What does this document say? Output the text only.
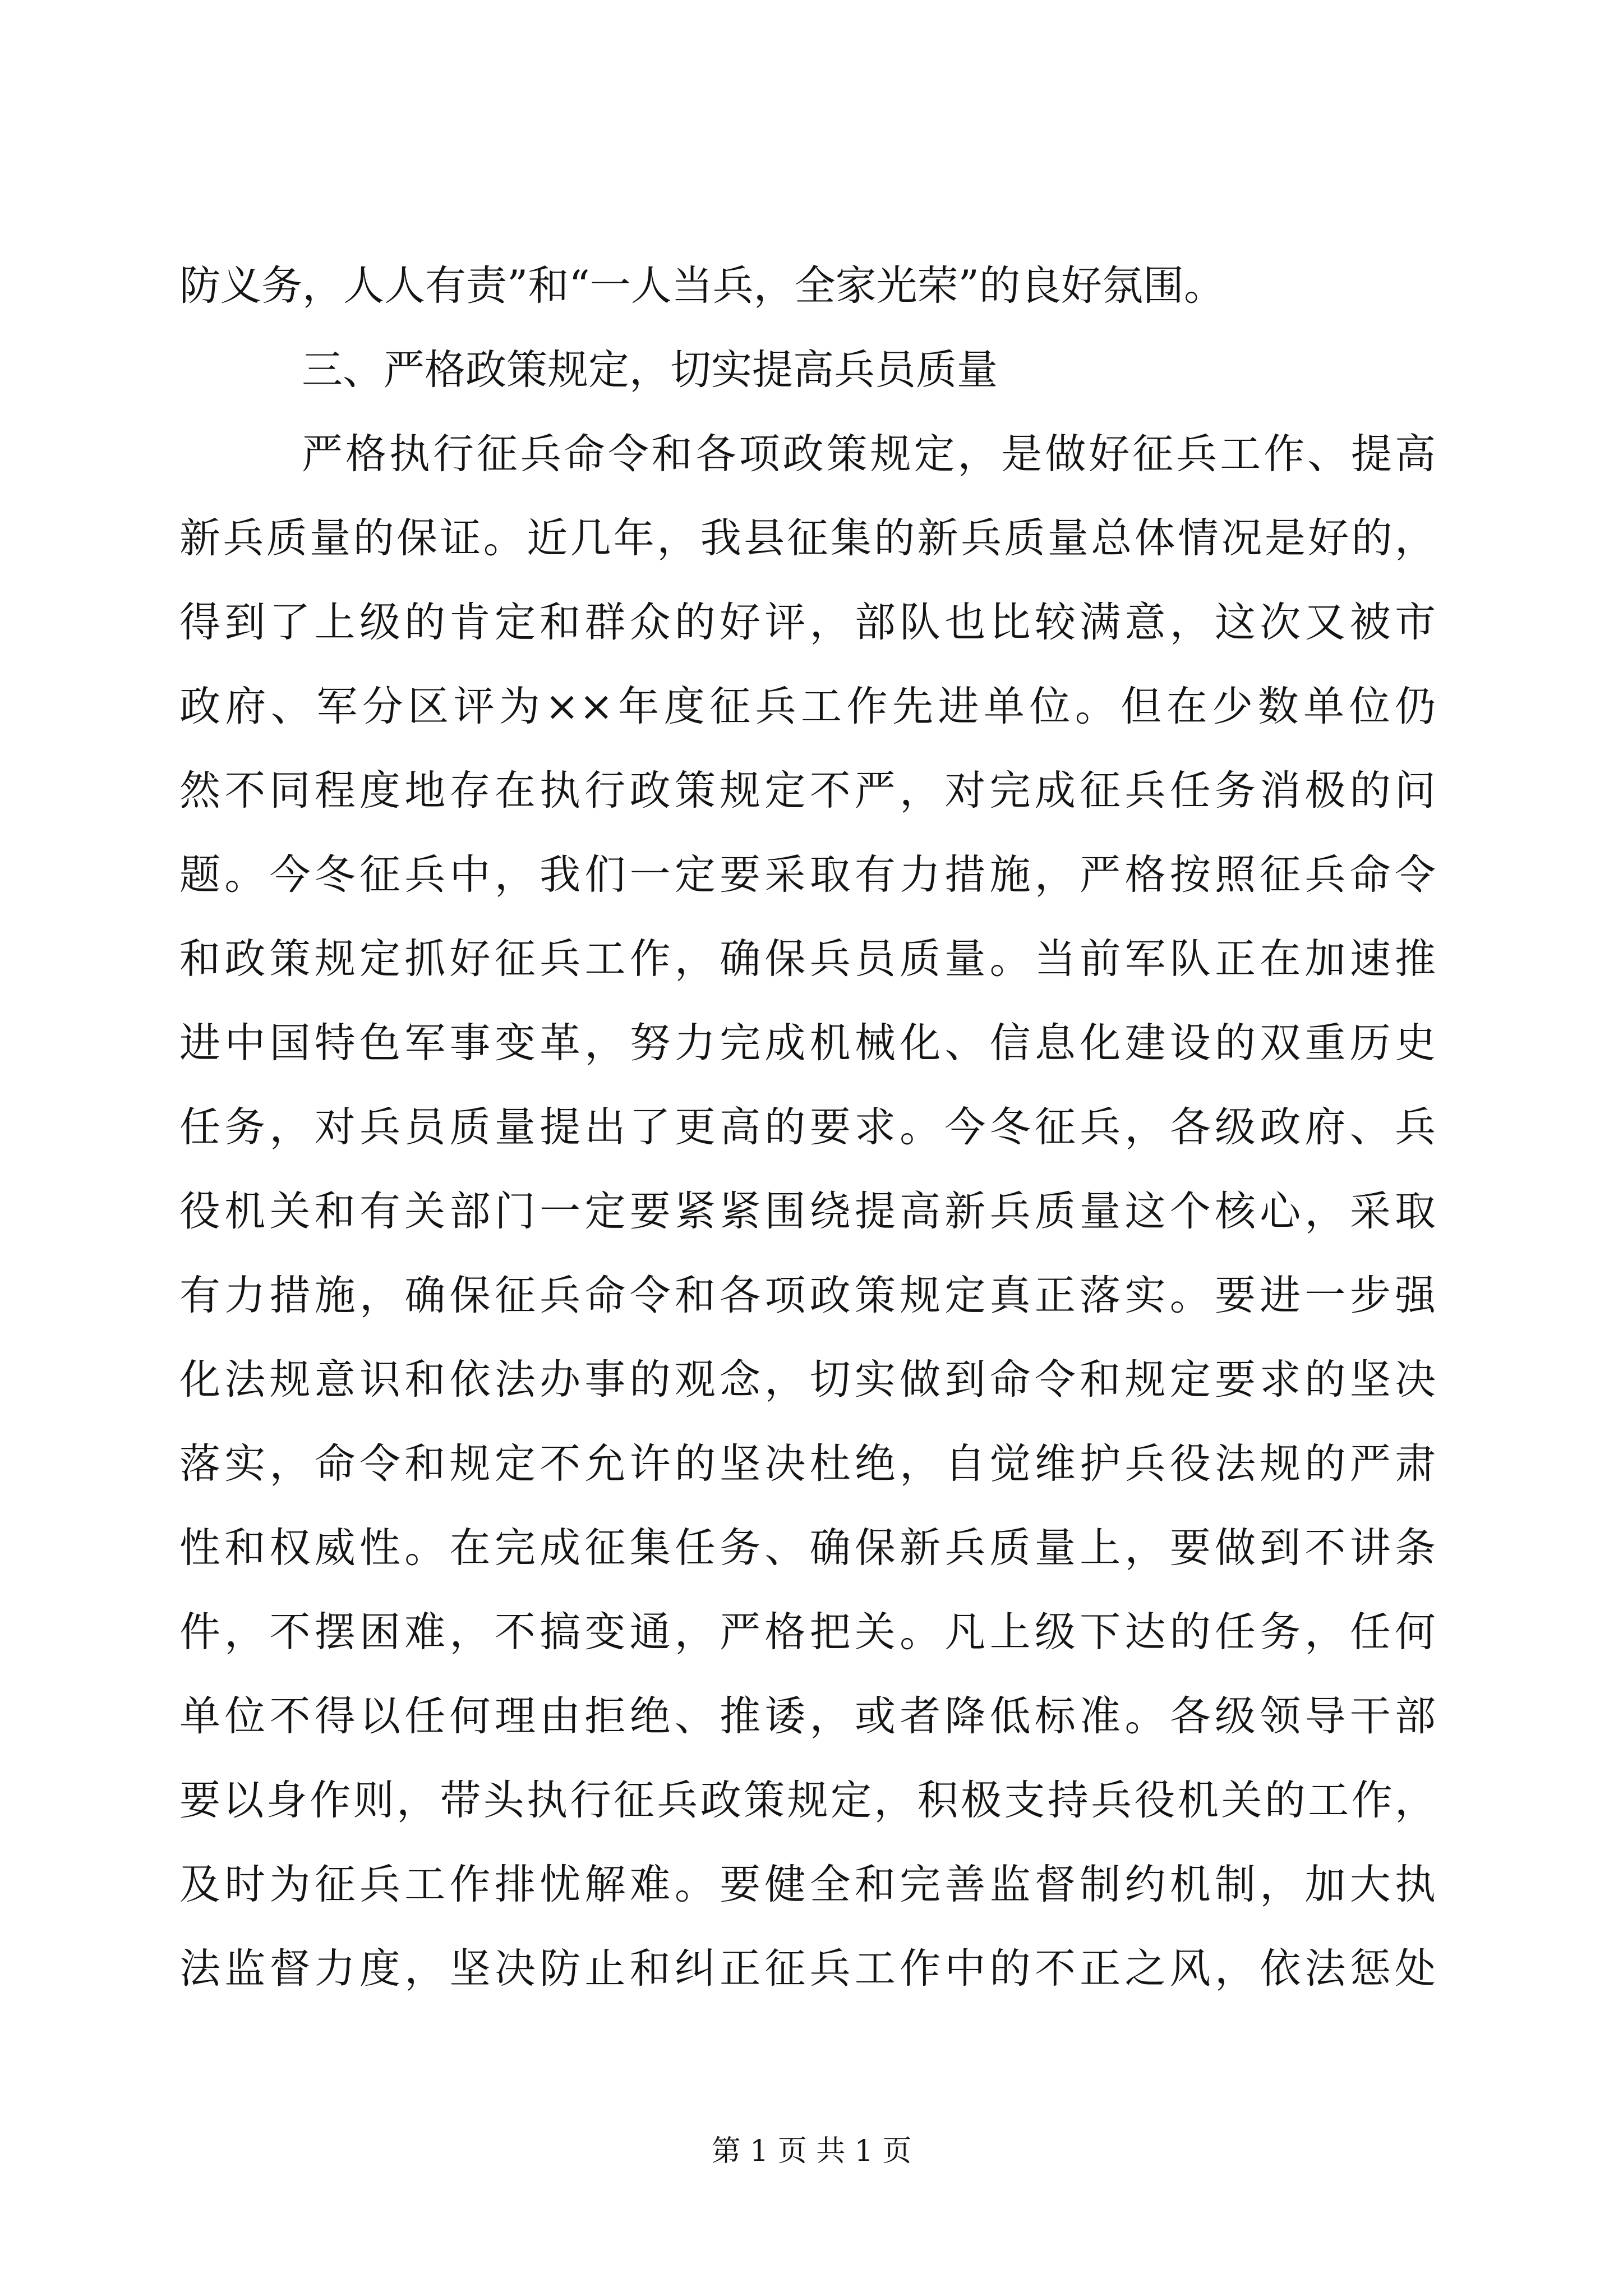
防义务，人人有责”和“一人当兵，全家光荣”的良好氛围。
三、严格政策规定，切实提高兵员质量
严格执行征兵命令和各项政策规定，是做好征兵工作、提高
新兵质量的保证。近几年，我县征集的新兵质量总体情况是好的，
得到了上级的肯定和群众的好评，部队也比较满意，这次又被市
政府、军分区评为××年度征兵工作先进单位。但在少数单位仍
然不同程度地存在执行政策规定不严，对完成征兵任务消极的问
题。今冬征兵中，我们一定要采取有力措施，严格按照征兵命令
和政策规定抓好征兵工作，确保兵员质量。当前军队正在加速推
进中国特色军事变革，努力完成机械化、信息化建设的双重历史
任务，对兵员质量提出了更高的要求。今冬征兵，各级政府、兵
役机关和有关部门一定要紧紧围绕提高新兵质量这个核心，采取
有力措施，确保征兵命令和各项政策规定真正落实。要进一步强
化法规意识和依法办事的观念，切实做到命令和规定要求的坚决
落实，命令和规定不允许的坚决杜绝，自觉维护兵役法规的严肃
性和权威性。在完成征集任务、确保新兵质量上，要做到不讲条
件，不摆困难，不搞变通，严格把关。凡上级下达的任务，任何
单位不得以任何理由拒绝、推诿，或者降低标准。各级领导干部
要以身作则，带头执行征兵政策规定，积极支持兵役机关的工作，
及时为征兵工作排忧解难。要健全和完善监督制约机制，加大执
法监督力度，坚决防止和纠正征兵工作中的不正之风，依法惩处
第 1 页 共 1 页
